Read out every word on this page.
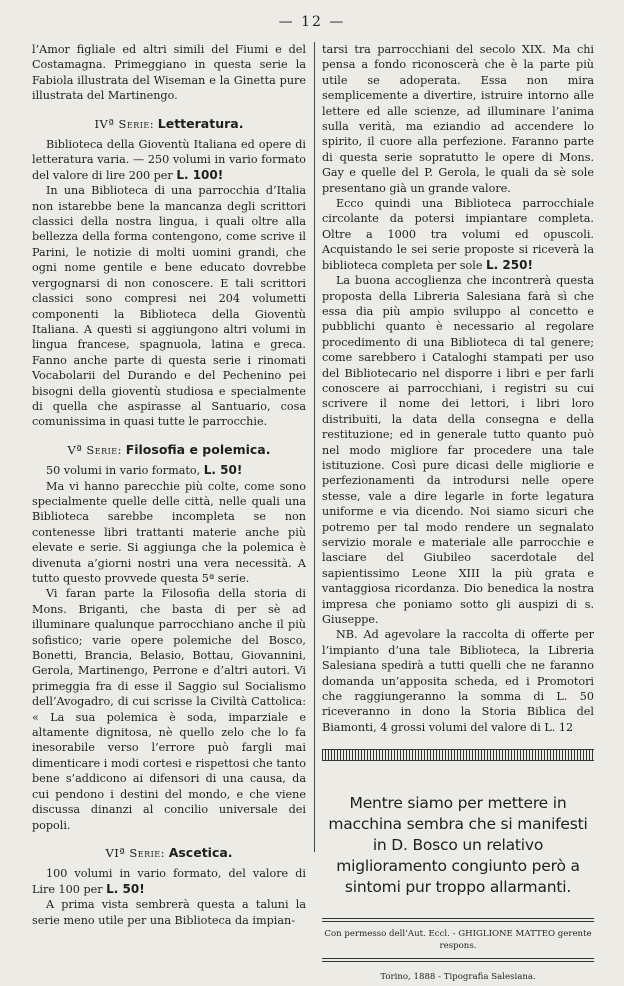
— 12 —

l’Amor figliale ed altri simili del Fiumi e del Costamagna. Primeggiano in questa serie la Fabiola illustrata del Wiseman e la Ginetta pure illustrata del Martinengo.

IVª Serie: Letteratura.

Biblioteca della Gioventù Italiana ed opere di letteratura varia. — 250 volumi in vario formato del valore di lire 200 per L. 100!

In una Biblioteca di una parrocchia d’Italia non istarebbe bene la mancanza degli scrittori classici della nostra lingua, i quali oltre alla bellezza della forma contengono, come scrive il Parini, le notizie di molti uomini grandi, che ogni nome gentile e bene educato dovrebbe vergognarsi di non conoscere. E tali scrittori classici sono compresi nei 204 volumetti componenti la Biblioteca della Gioventù Italiana. A questi si aggiungono altri volumi in lingua francese, spagnuola, latina e greca. Fanno anche parte di questa serie i rinomati Vocabolarii del Durando e del Pechenino pei bisogni della gioventù studiosa e specialmente di quella che aspirasse al Santuario, cosa comunissima in quasi tutte le parrocchie.

Vª Serie: Filosofia e polemica.

50 volumi in vario formato, L. 50!

Ma vi hanno parecchie più colte, come sono specialmente quelle delle città, nelle quali una Biblioteca sarebbe incompleta se non contenesse libri trattanti materie anche più elevate e serie. Si aggiunga che la polemica è divenuta a’giorni nostri una vera necessità. A tutto questo provvede questa 5ª serie.

Vi faran parte la Filosofia della storia di Mons. Briganti, che basta di per sè ad illuminare qualunque parrocchiano anche il più sofistico; varie opere polemiche del Bosco, Bonetti, Brancia, Belasio, Bottau, Giovannini, Gerola, Martinengo, Perrone e d’altri autori. Vi primeggia fra di esse il Saggio sul Socialismo dell’Avogadro, di cui scrisse la Civiltà Cattolica: « La sua polemica è soda, imparziale e altamente dignitosa, nè quello zelo che lo fa inesorabile verso l’errore può fargli mai dimenticare i modi cortesi e rispettosi che tanto bene s’addicono ai difensori di una causa, da cui pendono i destini del mondo, e che viene discussa dinanzi al concilio universale dei popoli.

VIª Serie: Ascetica.

100 volumi in vario formato, del valore di Lire 100 per L. 50!

A prima vista sembrerà questa a taluni la serie meno utile per una Biblioteca da impian-

tarsi tra parrocchiani del secolo XIX. Ma chi pensa a fondo riconoscerà che è la parte più utile se adoperata. Essa non mira semplicemente a divertire, istruire intorno alle lettere ed alle scienze, ad illuminare l’anima sulla verità, ma eziandio ad accendere lo spirito, il cuore alla perfezione. Faranno parte di questa serie sopratutto le opere di Mons. Gay e quelle del P. Gerola, le quali da sè sole presentano già un grande valore.

Ecco quindi una Biblioteca parrocchiale circolante da potersi impiantare completa. Oltre a 1000 tra volumi ed opuscoli. Acquistando le sei serie proposte si riceverà la biblioteca completa per sole L. 250!

La buona accoglienza che incontrerà questa proposta della Libreria Salesiana farà sì che essa dia più ampio sviluppo al concetto e pubblichi quanto è necessario al regolare procedimento di una Biblioteca di tal genere; come sarebbero i Cataloghi stampati per uso del Bibliotecario nel disporre i libri e per farli conoscere ai parrocchiani, i registri su cui scrivere il nome dei lettori, i libri loro distribuiti, la data della consegna e della restituzione; ed in generale tutto quanto può nel modo migliore far procedere una tale istituzione. Così pure dicasi delle migliorie e perfezionamenti da introdursi nelle opere stesse, vale a dire legarle in forte legatura uniforme e via dicendo. Noi siamo sicuri che potremo per tal modo rendere un segnalato servizio morale e materiale alle parrocchie e lasciare del Giubileo sacerdotale del sapientissimo Leone XIII la più grata e vantaggiosa ricordanza. Dio benedica la nostra impresa che poniamo sotto gli auspizi di s. Giuseppe.

NB. Ad agevolare la raccolta di offerte per l’impianto d’una tale Biblioteca, la Libreria Salesiana spedirà a tutti quelli che ne faranno domanda un’apposita scheda, ed i Promotori che raggiungeranno la somma di L. 50 riceveranno in dono la Storia Biblica del Biamonti, 4 grossi volumi del valore di L. 12

Mentre siamo per mettere in macchina sembra che si manifesti in D. Bosco un relativo miglioramento congiunto però a sintomi pur troppo allarmanti.
Con permesso dell’Aut. Eccl. - GHIGLIONE MATTEO gerente respons.
Torino, 1888 - Tipografia Salesiana.
